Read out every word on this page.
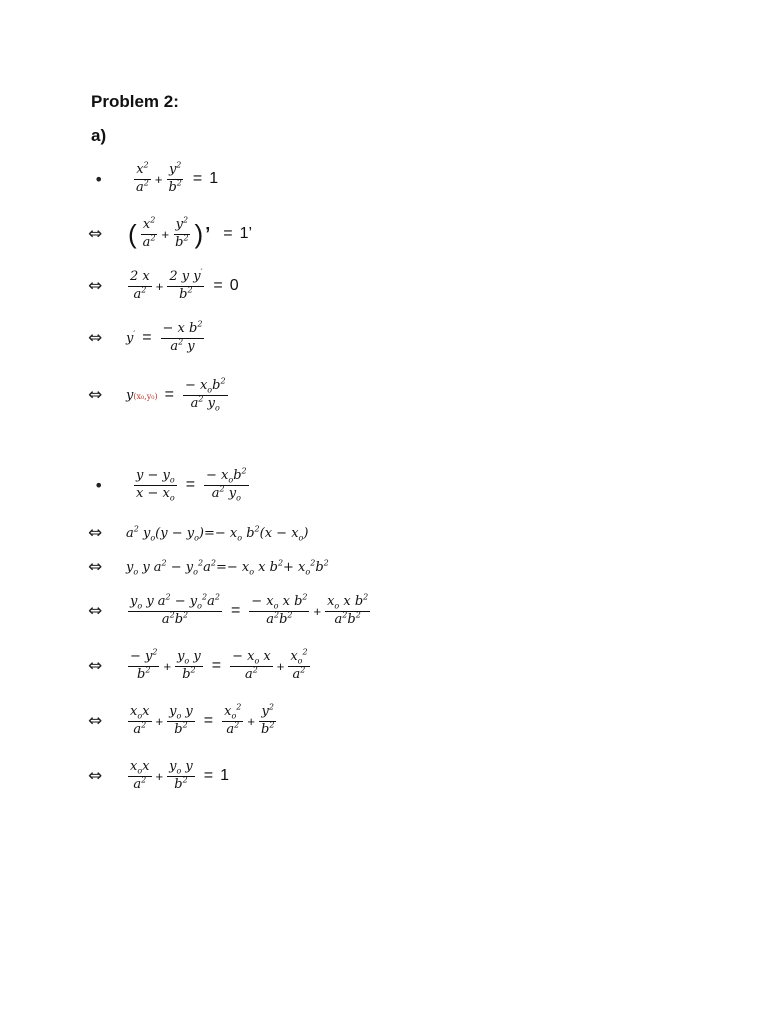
Problem 2:
a)
•	$\frac{x^2}{a^2} + \frac{y^2}{b^2} = 1$
⇔ ( $\frac{x^2}{a^2} + \frac{y^2}{b^2}$ ) ’ = 1’
⇔	$\frac{2 x}{a^2} + \frac{2 y y'}{b^2} = 0$
⇔	$y' = \frac{- x b^2}{a^2 y}$
⇔	$y(x_0,y_0) = \frac{- x_ob^2}{a^2 y_o}$
•	$\frac{y - y_o}{x - x_o} = \frac{- x_ob^2}{a^2 y_o}$
⇔	$a^2$ $y_o(y - y_o)=- x_o$ $b^2(x - x_o)$
⇔	$y_o$ y $a^2 - y_o^2a^2=- x_o$ x $b^2+ x_o^2b^2$
⇔	$\frac{y_o y a^2 - y_o^2a^2}{a^2b^2} = \frac{- x_o x b^2}{a^2b^2} + \frac{x_o x b^2}{a^2b^2}$
⇔	$\frac{- y^2}{b^2} + \frac{y_o y}{b^2} = \frac{- x_o x}{a^2} + \frac{x_o^2}{a^2}$
⇔	$\frac{x_ox}{a^2} + \frac{y_o y}{b^2} = \frac{x_o^2}{a^2} + \frac{y^2}{b^2}$
⇔	$\frac{x_ox}{a^2} + \frac{y_o y}{b^2} = 1$
